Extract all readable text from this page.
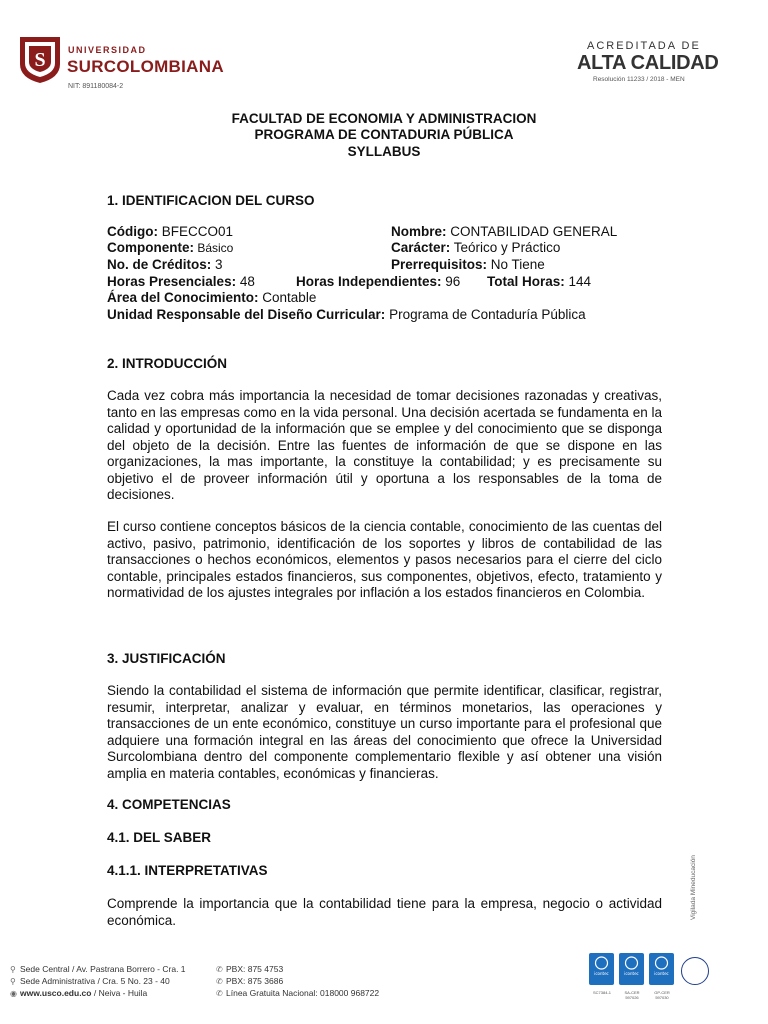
S UNIVERSIDAD
SURCOLOMBIANA
NIT: 891180084-2
ACREDITADA DE
ALTA CALIDAD
Resolución 11233 / 2018 - MEN
FACULTAD DE ECONOMIA Y ADMINISTRACION
PROGRAMA DE CONTADURIA PÚBLICA
SYLLABUS
1. IDENTIFICACION DEL CURSO
Código: BFECCO01	Nombre: CONTABILIDAD GENERAL
Componente: Básico	Carácter: Teórico y Práctico
No. de Créditos: 3	Prerrequisitos: No Tiene
Horas Presenciales: 48	Horas Independientes: 96 Total Horas: 144
Área del Conocimiento: Contable
Unidad Responsable del Diseño Curricular: Programa de Contaduría Pública
2. INTRODUCCIÓN
Cada vez cobra más importancia la necesidad de tomar decisiones razonadas y creativas, tanto en las empresas como en la vida personal. Una decisión acertada se fundamenta en la calidad y oportunidad de la información que se emplee y del conocimiento que se disponga del objeto de la decisión. Entre las fuentes de información de que se dispone en las organizaciones, la mas importante, la constituye la contabilidad; y es precisamente su objetivo el de proveer información útil y oportuna a los responsables de la toma de decisiones.
El curso contiene conceptos básicos de la ciencia contable, conocimiento de las cuentas del activo, pasivo, patrimonio, identificación de los soportes y libros de contabilidad de las transacciones o hechos económicos, elementos y pasos necesarios para el cierre del ciclo contable, principales estados financieros, sus componentes, objetivos, efecto, tratamiento y normatividad de los ajustes integrales por inflación a los estados financieros en Colombia.
3. JUSTIFICACIÓN
Siendo la contabilidad el sistema de información que permite identificar, clasificar, registrar, resumir, interpretar, analizar y evaluar, en términos monetarios, las operaciones y transacciones de un ente económico, constituye un curso importante para el profesional que adquiere una formación integral en las áreas del conocimiento que ofrece la Universidad Surcolombiana dentro del componente complementario flexible y así obtener una visión amplia en materia contables, económicas y financieras.
4. COMPETENCIAS
4.1. DEL SABER
4.1.1. INTERPRETATIVAS
Comprende la importancia que la contabilidad tiene para la empresa, negocio o actividad económica.	Vigilada Mineducación
⚲ Sede Central / Av. Pastrana Borrero - Cra. 1
⚲ Sede Administrativa / Cra. 5 No. 23 - 40
◉ www.usco.edu.co / Neiva - Huila
✆ PBX: 875 4753
✆ PBX: 875 3686
✆ Línea Gratuita Nacional: 018000 968722
icontec	icontec	icontec
SC7384-1	SA-CER 597026
GP-CER 597030
